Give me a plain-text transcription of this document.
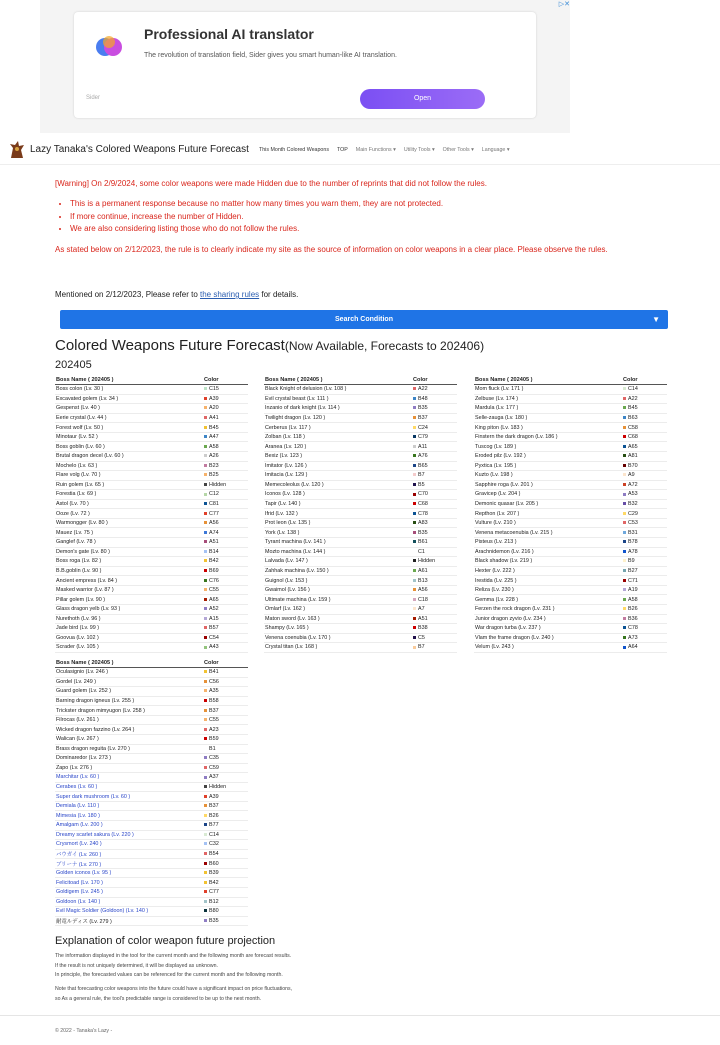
▷✕
Professional AI translator
The revolution of translation field, Sider gives you smart human-like AI translation.
Sider	Open
Lazy Tanaka's Colored Weapons Future Forecast This Month Colored Weapons TOP Main Functions ▾ Utility Tools ▾ Other Tools ▾ Language ▾
[Warning] On 2/9/2024, some color weapons were made Hidden due to the number of reprints that did not follow the rules.
• This is a permanent response because no matter how many times you warn them, they are not protected.
• If more continue, increase the number of Hidden.
• We are also considering listing those who do not follow the rules.
As stated below on 2/12/2023, the rule is to clearly indicate my site as the source of information on color weapons in a clear place. Please observe the rules.
Mentioned on 2/12/2023, Please refer to the sharing rules for details.
Search Condition	▼
Colored Weapons Future Forecast(Now Available, Forecasts to 202406)
202405
Boss Name ( 202405 )	Color
Boss colon (Lv. 30 )	C15
Excavated golem (Lv. 34 )	A39
Gespenst (Lv. 40 )	A20
Eerie crystal (Lv. 44 )	A41
Forest wolf (Lv. 50 )	B45
Minotaur (Lv. 52 )	A47
Boss goblin (Lv. 60 )	A58
Brutal dragon decel (Lv. 60 )	A26
Mochelo (Lv. 63 )	B23
Flare volg (Lv. 70 )	B25
Ruin golem (Lv. 65 )	Hidden
Forestia (Lv. 69 )	C12
Astol (Lv. 70 )	C81
Ooze (Lv. 72 )	C77
Warmongger (Lv. 80 )	A56
Mauez (Lv. 75 )	A74
Ganglef (Lv. 78 )	A51
Demon's gate (Lv. 80 )	B14
Boss roga (Lv. 82 )	B42
B.B.goblin (Lv. 90 )	B69
Ancient empress (Lv. 84 )	C76
Masked warrior (Lv. 87 )	C55
Pillar golem (Lv. 90 )	A65
Glass dragon yelb (Lv. 93 )	A52
Nurethoth (Lv. 96 )	A15
Jade bird (Lv. 99 )	B57
Goovua (Lv. 102 )	C54
Scrader (Lv. 105 )	A43
Boss Name ( 202405 )	Color
Black Knight of delusion (Lv. 108 )	A22
Evil crystal beast (Lv. 111 )	B48
Inzanio of dark knight (Lv. 114 )	B35
Twilight dragon (Lv. 120 )	B37
Cerberus (Lv. 117 )	C24
Zolban (Lv. 118 )	C79
Aranea (Lv. 120 )	A11
Bexiz (Lv. 123 )	A76
Imitator (Lv. 126 )	B65
Imitacia (Lv. 129 )	B7
Memecoleolus (Lv. 120 )	B5
Iconos (Lv. 128 )	C70
Tapir (Lv. 140 )	C68
Ifrid (Lv. 132 )	C78
Prot leon (Lv. 135 )	A83
York (Lv. 138 )	B35
Tyrant machina (Lv. 141 )	B61
Mozto machina (Lv. 144 )	C1
Lalvada (Lv. 147 )	Hidden
Zahhak machina (Lv. 150 )	A61
Guignol (Lv. 153 )	B13
Gwaimol (Lv. 156 )	A56
Ultimate machina (Lv. 159 )	C18
Omlarf (Lv. 162 )	A7
Maton sword (Lv. 163 )	A51
Shampy (Lv. 165 )	B38
Venena coenubia (Lv. 170 )	C5
Crystal titan (Lv. 168 )	B7
Boss Name ( 202405 )	Color
Mom fluck (Lv. 171 )	C14
Zelbuse (Lv. 174 )	A22
Mardula (Lv. 177 )	B45
Selle-zauga (Lv. 180 )	B63
King piton (Lv. 183 )	C58
Finstern the dark dragon (Lv. 186 )	C68
Tuscog (Lv. 189 )	A65
Eroded pilz (Lv. 192 )	A81
Pyxtica (Lv. 195 )	B70
Kuzto (Lv. 198 )	A9
Sapphire roga (Lv. 201 )	A72
Gravicep (Lv. 204 )	A53
Demonic quasar (Lv. 205 )	B32
Repthon (Lv. 207 )	C29
Vulture (Lv. 210 )	C53
Venena metacoenubia (Lv. 215 )	B31
Pisteus (Lv. 213 )	B78
Arachnidemon (Lv. 216 )	A78
Black shadow (Lv. 219 )	B9
Hexter (Lv. 222 )	B27
Irestida (Lv. 225 )	C71
Reliza (Lv. 230 )	A19
Gemma (Lv. 228 )	A58
Ferzen the rock dragon (Lv. 231 )	B26
Junior dragon zyvio (Lv. 234 )	B36
War dragon turba (Lv. 237 )	C78
Vlam the frame dragon (Lv. 240 )	A73
Velum (Lv. 243 )	A64
Boss Name ( 202405 )	Color
Oculasignio (Lv. 246 )	B41
Gordel (Lv. 249 )	C56
Guard golem (Lv. 252 )	A35
Barning dragon igneus (Lv. 255 )	B58
Trickster dragon mimyugon (Lv. 258 )	B37
Filrocas (Lv. 261 )	C55
Wicked dragon fazzino (Lv. 264 )	A23
Walican (Lv. 267 )	B59
Brass dragon reguita (Lv. 270 )	B1
Dominaredor (Lv. 273 )	C35
Zapo (Lv. 276 )	C59
Marchitar (Lv. 60 )	A37
Cerabes (Lv. 60 )	Hidden
Super dark mushroom (Lv. 60 )	A39
Demiala (Lv. 110 )	B37
Mimesia (Lv. 180 )	B26
Amalgam (Lv. 200 )	B77
Dreamy scarlet sakura (Lv. 220 )	C14
Crysmort (Lv. 240 )	C32
バウガイ (Lv. 260 )	B54
ブリーナ (Lv. 270 )	B60
Golden iconos (Lv. 95 )	B39
Felicitoad (Lv. 170 )	B42
Goldigem (Lv. 245 )	C77
Goldoon (Lv. 140 )	B12
Evil Magic Soldier (Goldoon) (Lv. 140 )	B80
耐竜ルディス (Lv. 279 )	B35
Explanation of color weapon future projection
The information displayed in the tool for the current month and the following month are forecast results.
If the result is not uniquely determined, it will be displayed as unknown.
In principle, the forecasted values can be referenced for the current month and the following month.
Note that forecasting color weapons into the future could have a significant impact on price fluctuations,
so As a general rule, the tool's predictable range is considered to be up to the next month.
© 2022 - Tanaka's Lazy -
